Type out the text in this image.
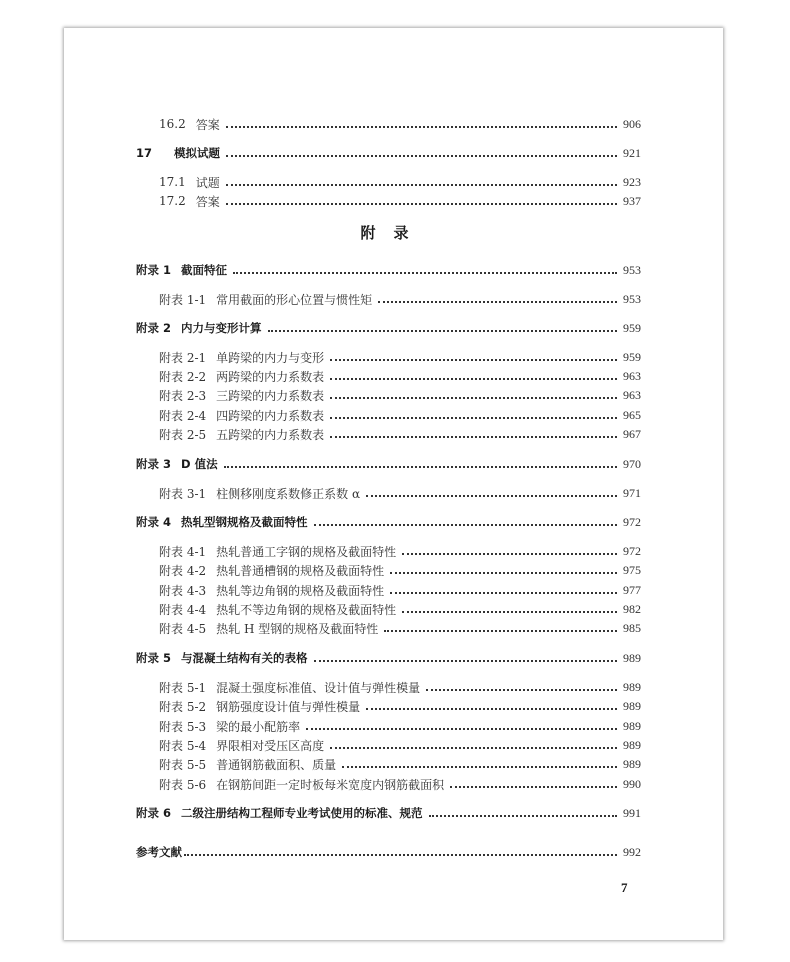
16.2 答案	906
17 模拟试题	921
17.1 试题	923
17.2 答案	937
附录
附录 1 截面特征	953
附表 1-1 常用截面的形心位置与惯性矩	953
附录 2 内力与变形计算	959
附表 2-1 单跨梁的内力与变形	959
附表 2-2 两跨梁的内力系数表	963
附表 2-3 三跨梁的内力系数表	963
附表 2-4 四跨梁的内力系数表	965
附表 2-5 五跨梁的内力系数表	967
附录 3 D 值法	970
附表 3-1 柱侧移刚度系数修正系数 α	971
附录 4 热轧型钢规格及截面特性	972
附表 4-1 热轧普通工字钢的规格及截面特性	972
附表 4-2 热轧普通槽钢的规格及截面特性	975
附表 4-3 热轧等边角钢的规格及截面特性	977
附表 4-4 热轧不等边角钢的规格及截面特性	982
附表 4-5 热轧 H 型钢的规格及截面特性	985
附录 5 与混凝土结构有关的表格	989
附表 5-1 混凝土强度标准值、设计值与弹性模量	989
附表 5-2 钢筋强度设计值与弹性模量	989
附表 5-3 梁的最小配筋率	989
附表 5-4 界限相对受压区高度	989
附表 5-5 普通钢筋截面积、质量	989
附表 5-6 在钢筋间距一定时板每米宽度内钢筋截面积	990
附录 6 二级注册结构工程师专业考试使用的标准、规范	991
参考文献	992
7
